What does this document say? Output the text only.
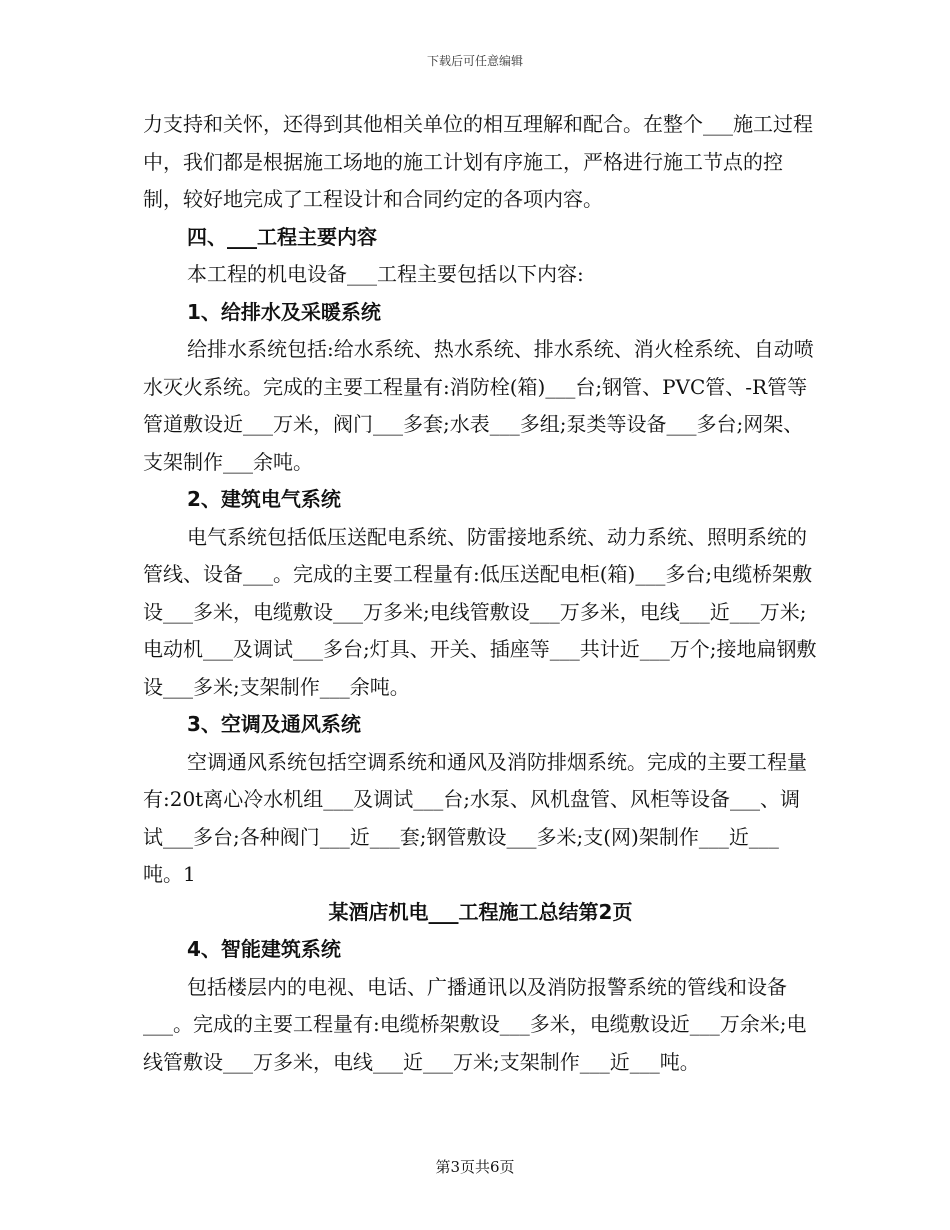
下载后可任意编辑

力支持和关怀，还得到其他相关单位的相互理解和配合。在整个___施工过程中，我们都是根据施工场地的施工计划有序施工，严格进行施工节点的控制，较好地完成了工程设计和合同约定的各项内容。

四、___工程主要内容

本工程的机电设备___工程主要包括以下内容:

1、给排水及采暖系统

给排水系统包括:给水系统、热水系统、排水系统、消火栓系统、自动喷水灭火系统。完成的主要工程量有:消防栓(箱)___台;钢管、PVC管、-R管等管道敷设近___万米，阀门___多套;水表___多组;泵类等设备___多台;网架、支架制作___余吨。

2、建筑电气系统

电气系统包括低压送配电系统、防雷接地系统、动力系统、照明系统的管线、设备___。完成的主要工程量有:低压送配电柜(箱)___多台;电缆桥架敷设___多米，电缆敷设___万多米;电线管敷设___万多米，电线___近___万米;电动机___及调试___多台;灯具、开关、插座等___共计近___万个;接地扁钢敷设___多米;支架制作___余吨。

3、空调及通风系统

空调通风系统包括空调系统和通风及消防排烟系统。完成的主要工程量有:20t离心冷水机组___及调试___台;水泵、风机盘管、风柜等设备___、调试___多台;各种阀门___近___套;钢管敷设___多米;支(网)架制作___近___吨。1

某酒店机电___工程施工总结第2页

4、智能建筑系统

包括楼层内的电视、电话、广播通讯以及消防报警系统的管线和设备___。完成的主要工程量有:电缆桥架敷设___多米，电缆敷设近___万余米;电线管敷设___万多米，电线___近___万米;支架制作___近___吨。

第3页共6页
